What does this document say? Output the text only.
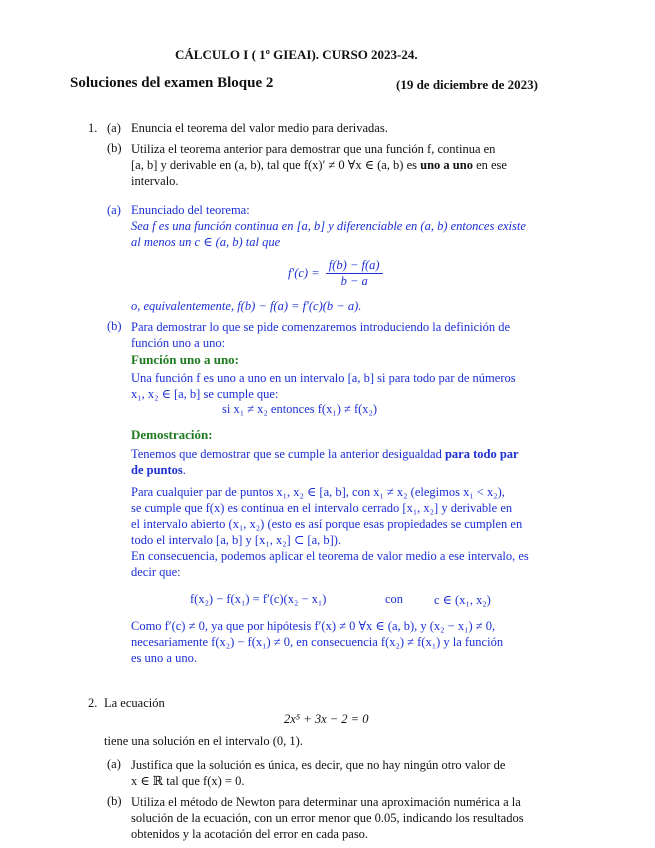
CÁLCULO I ( 1º GIEAI). CURSO 2023-24.
Soluciones del examen Bloque 2	(19 de diciembre de 2023)
1. (a) Enuncia el teorema del valor medio para derivadas.
(b) Utiliza el teorema anterior para demostrar que una función f, continua en
[a, b] y derivable en (a, b), tal que f(x)′ ≠ 0 ∀x ∈ (a, b) es uno a uno en ese
intervalo.
(a) Enunciado del teorema:
Sea f es una función continua en [a, b] y diferenciable en (a, b) entonces existe
al menos un c ∈ (a, b) tal que
$f'(c) = \frac{f(b) - f(a)}{b - a}$
o, equivalentemente, f(b) − f(a) = f′(c)(b − a).
(b) Para demostrar lo que se pide comenzaremos introduciendo la definición de
función uno a uno:
Función uno a uno:
Una función f es uno a uno en un intervalo [a, b] si para todo par de números
x₁, x₂ ∈ [a, b] se cumple que:
si x₁ ≠ x₂ entonces f(x₁) ≠ f(x₂)
Demostración:
Tenemos que demostrar que se cumple la anterior desigualdad para todo par
de puntos.
Para cualquier par de puntos x₁, x₂ ∈ [a, b], con x₁ ≠ x₂ (elegimos x₁ < x₂),
se cumple que f(x) es continua en el intervalo cerrado [x₁, x₂] y derivable en
el intervalo abierto (x₁, x₂) (esto es así porque esas propiedades se cumplen en
todo el intervalo [a, b] y [x₁, x₂] ⊂ [a, b]).
En consecuencia, podemos aplicar el teorema de valor medio a ese intervalo, es
decir que:
f(x₂) − f(x₁) = f′(c)(x₂ − x₁)	con c ∈ (x₁, x₂)
Como f′(c) ≠ 0, ya que por hipótesis f′(x) ≠ 0 ∀x ∈ (a, b), y (x₂ − x₁) ≠ 0,
necesariamente f(x₂) − f(x₁) ≠ 0, en consecuencia f(x₂) ≠ f(x₁) y la función
es uno a uno.
2. La ecuación
2x⁵ + 3x − 2 = 0
tiene una solución en el intervalo (0, 1).
(a) Justifica que la solución es única, es decir, que no hay ningún otro valor de
x ∈ ℝ tal que f(x) = 0.
(b) Utiliza el método de Newton para determinar una aproximación numérica a la
solución de la ecuación, con un error menor que 0.05, indicando los resultados
obtenidos y la acotación del error en cada paso.
